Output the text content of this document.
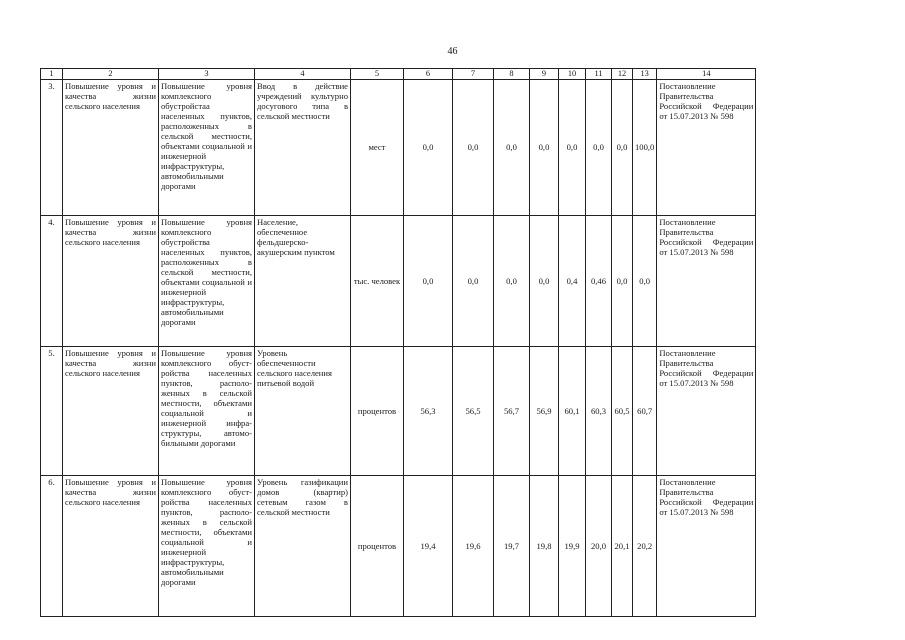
46
1	2	3	4	5	6	7	8	9	10	11	12	13	14
3.	Повышение уровня и качества жизни сельского населения	Повышение уровня комплексного обустройстаа населенных пунктов, расположенных в сельской местности, объектами социальной и инженерной инфраструктуры, автомобильными дорогами	Ввод в действие учреждений культурно досугового типа в сельской местности	мест	0,0	0,0	0,0	0,0	0,0	0,0	0,0	100,0	Постановление Правительства Российской Федерации от 15.07.2013 № 598
4.	Повышение уровня и качества жизни сельского населения	Повышение уровня комплексного обустройства населенных пунктов, расположенных в сельской местности, объектами социальной и инженерной инфраструктуры, автомобильными дорогами	Население, обеспеченное фельдшерско-акушерским пунктом	тыс. человек	0,0	0,0	0,0	0,0	0,4	0,46	0,0	0,0	Постановление Правительства Российской Федерации от 15.07.2013 № 598
5.	Повышение уровня и качества жизни сельского населения	Повышение уровня комплексного обуст-ройства населенных пунктов, располо-женных в сельской местности, объектами социальной и инженерной инфра-структуры, автомо-бильными дорогами	Уровень обеспеченности сельского населения питьевой водой	процентов	56,3	56,5	56,7	56,9	60,1	60,3	60,5	60,7	Постановление Правительства Российской Федерации от 15.07.2013 № 598
6.	Повышение уровня и качества жизни сельского населения	Повышение уровня комплексного обуст-ройства населенных пунктов, располо-женных в сельской местности, объектами социальной и инженерной инфраструктуры, автомобильными дорогами	Уровень газификации домов (квартир) сетевым газом в сельской местности	процентов	19,4	19,6	19,7	19,8	19,9	20,0	20,1	20,2	Постановление Правительства Российской Федерации от 15.07.2013 № 598
